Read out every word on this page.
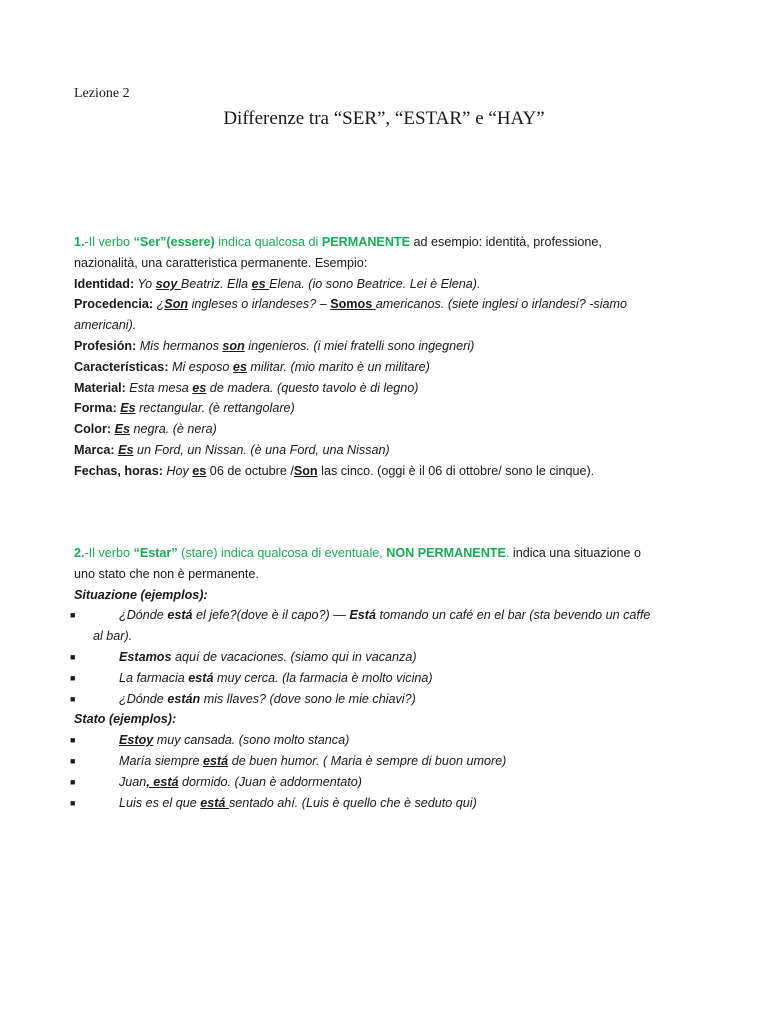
Lezione 2
Differenze tra “SER”, “ESTAR” e “HAY”
1.-Il verbo “Ser”(essere) indica qualcosa di PERMANENTE ad esempio: identità, professione,
nazionalità, una caratteristica permanente. Esempio:
Identidad: Yo soy Beatriz. Ella es Elena. (io sono Beatrice. Lei è Elena).
Procedencia: ¿Son ingleses o irlandeses? – Somos americanos. (siete inglesi o irlandesi? -siamo
americani).
Profesión: Mis hermanos son ingenieros. (i miei fratelli sono ingegneri)
Características: Mi esposo es militar. (mio marito è un militare)
Material: Esta mesa es de madera. (questo tavolo è di legno)
Forma: Es rectangular. (è rettangolare)
Color: Es negra. (è nera)
Marca: Es un Ford, un Nissan. (è una Ford, una Nissan)
Fechas, horas: Hoy es 06 de octubre /Son las cinco. (oggi è il 06 di ottobre/ sono le cinque).
2.-Il verbo “Estar” (stare) indica qualcosa di eventuale, NON PERMANENTE. indica una situazione o
uno stato che non è permanente.
Situazione (ejemplos):
■	¿Dónde está el jefe?(dove è il capo?) — Está tomando un café en el bar (sta bevendo un caffe
al bar).
■	Estamos aquí de vacaciones. (siamo qui in vacanza)
■	La farmacia está muy cerca. (la farmacia è molto vicina)
■	¿Dónde están mis llaves? (dove sono le mie chiavi?)
Stato (ejemplos):
■	Estoy muy cansada. (sono molto stanca)
■	María siempre está de buen humor. ( Maria è sempre di buon umore)
■	Juan, está dormido. (Juan è addormentato)
■	Luis es el que está sentado ahí. (Luis è quello che è seduto qui)
